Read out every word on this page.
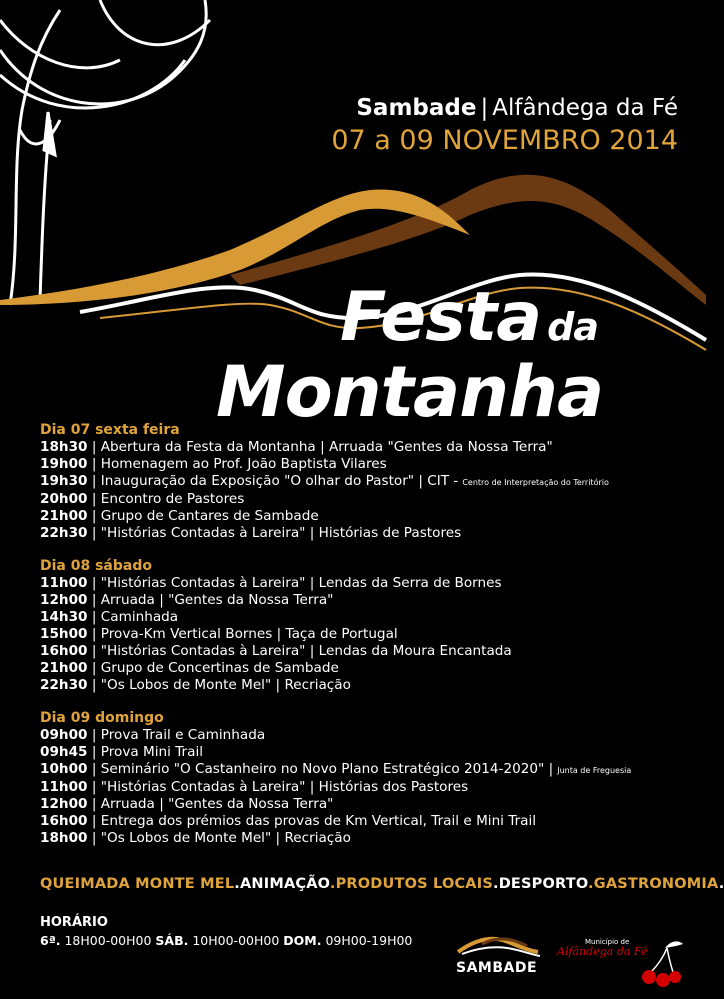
Sambade | Alfândega da Fé
07 a 09 NOVEMBRO 2014
Festa da
Montanha
Dia 07 sexta feira
18h30 | Abertura da Festa da Montanha | Arruada "Gentes da Nossa Terra"
19h00 | Homenagem ao Prof. João Baptista Vilares
19h30 | Inauguração da Exposição "O olhar do Pastor" | CIT - Centro de Interpretação do Território
20h00 | Encontro de Pastores
21h00 | Grupo de Cantares de Sambade
22h30 | "Histórias Contadas à Lareira" | Histórias de Pastores
Dia 08 sábado
11h00 | "Histórias Contadas à Lareira" | Lendas da Serra de Bornes
12h00 | Arruada | "Gentes da Nossa Terra"
14h30 | Caminhada
15h00 | Prova-Km Vertical Bornes | Taça de Portugal
16h00 | "Histórias Contadas à Lareira" | Lendas da Moura Encantada
21h00 | Grupo de Concertinas de Sambade
22h30 | "Os Lobos de Monte Mel" | Recriação
Dia 09 domingo
09h00 | Prova Trail e Caminhada
09h45 | Prova Mini Trail
10h00 | Seminário "O Castanheiro no Novo Plano Estratégico 2014-2020" | Junta de Freguesia
11h00 | "Histórias Contadas à Lareira" | Histórias dos Pastores
12h00 | Arruada | "Gentes da Nossa Terra"
16h00 | Entrega dos prémios das provas de Km Vertical, Trail e Mini Trail
18h00 | "Os Lobos de Monte Mel" | Recriação
QUEIMADA MONTE MEL.ANIMAÇÃO.PRODUTOS LOCAIS.DESPORTO.GASTRONOMIA.
HORÁRIO
6ª. 18H00-00H00 SÁB. 10H00-00H00 DOM. 09H00-19H00
SAMBADE
Município de
Alfândega da Fé
